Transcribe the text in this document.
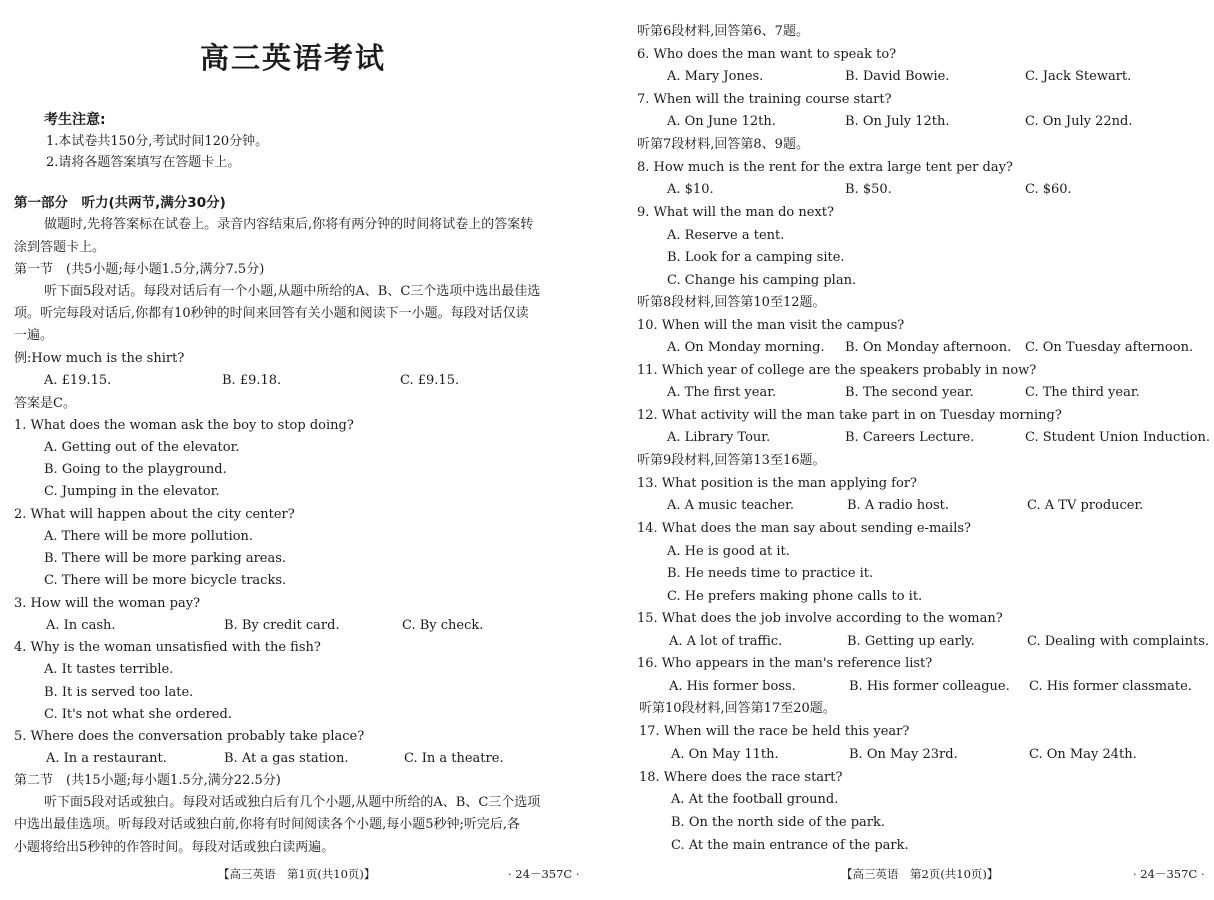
高三英语考试
考生注意:
1.本试卷共150分,考试时间120分钟。
2.请将各题答案填写在答题卡上。
第一部分　听力(共两节,满分30分)
做题时,先将答案标在试卷上。录音内容结束后,你将有两分钟的时间将试卷上的答案转
涂到答题卡上。
第一节　(共5小题;每小题1.5分,满分7.5分)
听下面5段对话。每段对话后有一个小题,从题中所给的A、B、C三个选项中选出最佳选
项。听完每段对话后,你都有10秒钟的时间来回答有关小题和阅读下一小题。每段对话仅读
一遍。
例:How much is the shirt?
A. £19.15.	B. £9.18.	C. £9.15.
答案是C。
1. What does the woman ask the boy to stop doing?
A. Getting out of the elevator.
B. Going to the playground.
C. Jumping in the elevator.
2. What will happen about the city center?
A. There will be more pollution.
B. There will be more parking areas.
C. There will be more bicycle tracks.
3. How will the woman pay?
A. In cash.	B. By credit card.	C. By check.
4. Why is the woman unsatisfied with the fish?
A. It tastes terrible.
B. It is served too late.
C. It's not what she ordered.
5. Where does the conversation probably take place?
A. In a restaurant.	B. At a gas station.	C. In a theatre.
第二节　(共15小题;每小题1.5分,满分22.5分)
听下面5段对话或独白。每段对话或独白后有几个小题,从题中所给的A、B、C三个选项
中选出最佳选项。听每段对话或独白前,你将有时间阅读各个小题,每小题5秒钟;听完后,各
小题将给出5秒钟的作答时间。每段对话或独白读两遍。
【高三英语　第1页(共10页)】	· 24－357C ·
听第6段材料,回答第6、7题。
6. Who does the man want to speak to?
A. Mary Jones.	B. David Bowie.	C. Jack Stewart.
7. When will the training course start?
A. On June 12th.	B. On July 12th.	C. On July 22nd.
听第7段材料,回答第8、9题。
8. How much is the rent for the extra large tent per day?
A. $10.	B. $50.	C. $60.
9. What will the man do next?
A. Reserve a tent.
B. Look for a camping site.
C. Change his camping plan.
听第8段材料,回答第10至12题。
10. When will the man visit the campus?
A. On Monday morning. B. On Monday afternoon. C. On Tuesday afternoon.
11. Which year of college are the speakers probably in now?
A. The first year.	B. The second year.	C. The third year.
12. What activity will the man take part in on Tuesday morning?
A. Library Tour.	B. Careers Lecture.	C. Student Union Induction.
听第9段材料,回答第13至16题。
13. What position is the man applying for?
A. A music teacher.	B. A radio host.	C. A TV producer.
14. What does the man say about sending e-mails?
A. He is good at it.
B. He needs time to practice it.
C. He prefers making phone calls to it.
15. What does the job involve according to the woman?
A. A lot of traffic.	B. Getting up early.	C. Dealing with complaints.
16. Who appears in the man's reference list?
A. His former boss.	B. His former colleague. C. His former classmate.
听第10段材料,回答第17至20题。
17. When will the race be held this year?
A. On May 11th.	B. On May 23rd.	C. On May 24th.
18. Where does the race start?
A. At the football ground.
B. On the north side of the park.
C. At the main entrance of the park.
【高三英语　第2页(共10页)】	· 24－357C ·
